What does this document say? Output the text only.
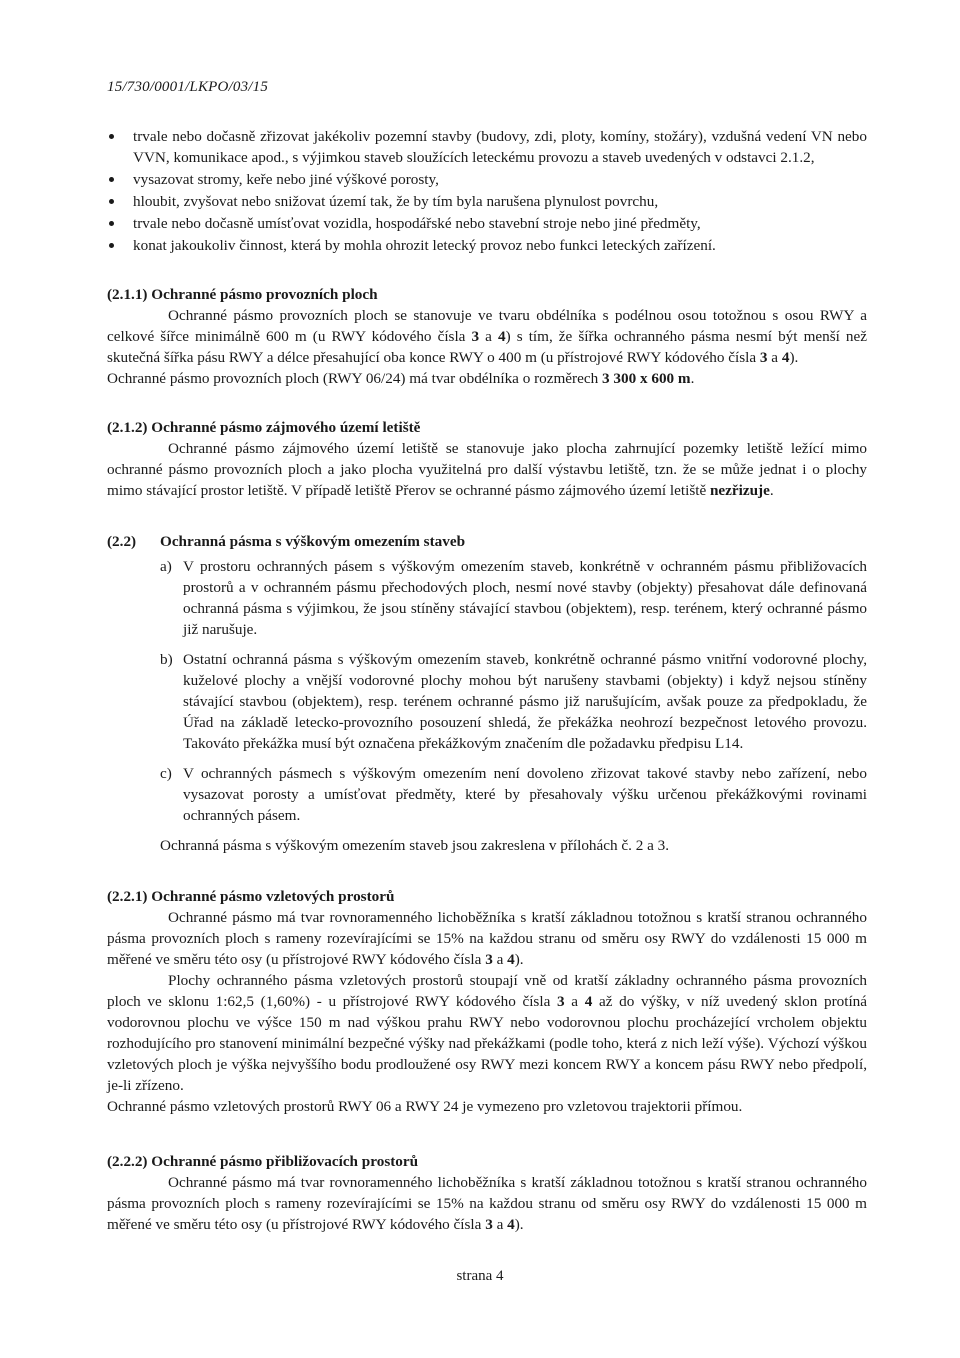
15/730/0001/LKPO/03/15
trvale nebo dočasně zřizovat jakékoliv pozemní stavby (budovy, zdi, ploty, komíny, stožáry), vzdušná vedení VN nebo VVN, komunikace apod., s výjimkou staveb sloužících leteckému provozu a staveb uvedených v odstavci 2.1.2,
vysazovat stromy, keře nebo jiné výškové porosty,
hloubit, zvyšovat nebo snižovat území tak, že by tím byla narušena plynulost povrchu,
trvale nebo dočasně umísťovat vozidla, hospodářské nebo stavební stroje nebo jiné předměty,
konat jakoukoliv činnost, která by mohla ohrozit letecký provoz nebo funkci leteckých zařízení.
(2.1.1) Ochranné pásmo provozních ploch

Ochranné pásmo provozních ploch se stanovuje ve tvaru obdélníka s podélnou osou totožnou s osou RWY a celkové šířce minimálně 600 m (u RWY kódového čísla 3 a 4) s tím, že šířka ochranného pásma nesmí být menší než skutečná šířka pásu RWY a délce přesahující oba konce RWY o 400 m (u přístrojové RWY kódového čísla 3 a 4).

Ochranné pásmo provozních ploch (RWY 06/24) má tvar obdélníka o rozměrech 3 300 x 600 m.

(2.1.2) Ochranné pásmo zájmového území letiště

Ochranné pásmo zájmového území letiště se stanovuje jako plocha zahrnující pozemky letiště ležící mimo ochranné pásmo provozních ploch a jako plocha využitelná pro další výstavbu letiště, tzn. že se může jednat i o plochy mimo stávající prostor letiště. V případě letiště Přerov se ochranné pásmo zájmového území letiště nezřizuje.

(2.2)	Ochranná pásma s výškovým omezením staveb
a) V prostoru ochranných pásem s výškovým omezením staveb, konkrétně v ochranném pásmu přibližovacích prostorů a v ochranném pásmu přechodových ploch, nesmí nové stavby (objekty) přesahovat dále definovaná ochranná pásma s výjimkou, že jsou stíněny stávající stavbou (objektem), resp. terénem, který ochranné pásmo již narušuje.
b) Ostatní ochranná pásma s výškovým omezením staveb, konkrétně ochranné pásmo vnitřní vodorovné plochy, kuželové plochy a vnější vodorovné plochy mohou být narušeny stavbami (objekty) i když nejsou stíněny stávající stavbou (objektem), resp. terénem ochranné pásmo již narušujícím, avšak pouze za předpokladu, že Úřad na základě letecko-provozního posouzení shledá, že překážka neohrozí bezpečnost letového provozu. Takováto překážka musí být označena překážkovým značením dle požadavku předpisu L14.
c) V ochranných pásmech s výškovým omezením není dovoleno zřizovat takové stavby nebo zařízení, nebo vysazovat porosty a umísťovat předměty, které by přesahovaly výšku určenou překážkovými rovinami ochranných pásem.

Ochranná pásma s výškovým omezením staveb jsou zakreslena v přílohách č. 2 a 3.

(2.2.1) Ochranné pásmo vzletových prostorů

Ochranné pásmo má tvar rovnoramenného lichoběžníka s kratší základnou totožnou s kratší stranou ochranného pásma provozních ploch s rameny rozevírajícími se 15% na každou stranu od směru osy RWY do vzdálenosti 15 000 m měřené ve směru této osy (u přístrojové RWY kódového čísla 3 a 4).

Plochy ochranného pásma vzletových prostorů stoupají vně od kratší základny ochranného pásma provozních ploch ve sklonu 1:62,5 (1,60%) - u přístrojové RWY kódového čísla 3 a 4 až do výšky, v níž uvedený sklon protíná vodorovnou plochu ve výšce 150 m nad výškou prahu RWY nebo vodorovnou plochu procházející vrcholem objektu rozhodujícího pro stanovení minimální bezpečné výšky nad překážkami (podle toho, která z nich leží výše). Výchozí výškou vzletových ploch je výška nejvyššího bodu prodloužené osy RWY mezi koncem RWY a koncem pásu RWY nebo předpolí, je-li zřízeno.

Ochranné pásmo vzletových prostorů RWY 06 a RWY 24 je vymezeno pro vzletovou trajektorii přímou.

(2.2.2) Ochranné pásmo přibližovacích prostorů

Ochranné pásmo má tvar rovnoramenného lichoběžníka s kratší základnou totožnou s kratší stranou ochranného pásma provozních ploch s rameny rozevírajícími se 15% na každou stranu od směru osy RWY do vzdálenosti 15 000 m měřené ve směru této osy (u přístrojové RWY kódového čísla 3 a 4).

strana 4
